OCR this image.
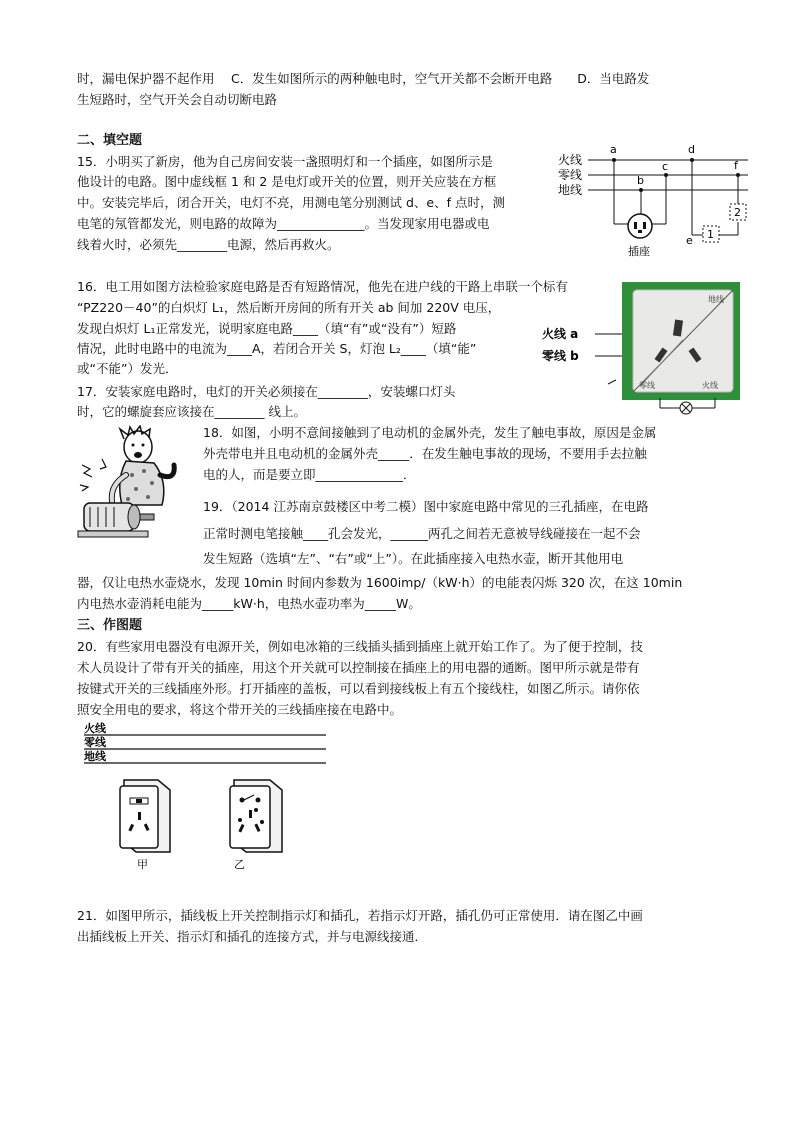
时，漏电保护器不起作用　 C．发生如图所示的两种触电时，空气开关都不会断开电路　　D．当电路发
生短路时，空气开关会自动切断电路
二、填空题
15．小明买了新房，他为自己房间安装一盏照明灯和一个插座，如图所示是
他设计的电路。图中虚线框 1 和 2 是电灯或开关的位置，则开关应装在方框
中。安装完毕后，闭合开关，电灯不亮，用测电笔分别测试 d、e、f 点时，测
电笔的氖管都发光，则电路的故障为______________。当发现家用电器或电
线着火时，必须先________电源，然后再救火。
火线
零线
地线
a
c
b
插座
d
e 1
f
2
16．电工用如图方法检验家庭电路是否有短路情况，他先在进户线的干路上串联一个标有
“PZ220－40”的白炽灯 L₁，然后断开房间的所有开关 ab 间加 220V 电压，
发现白炽灯 L₁正常发光，说明家庭电路____（填“有”或“没有”）短路
情况，此时电路中的电流为____A，若闭合开关 S，灯泡 L₂____（填“能”
或“不能”）发光．
地线
零线	火线
火线 a
零线 b
17．安装家庭电路时，电灯的开关必须接在________，安装螺口灯头
时，它的螺旋套应该接在________ 线上。
18．如图，小明不意间接触到了电动机的金属外壳，发生了触电事故，原因是金属
外壳带电并且电动机的金属外壳_____．在发生触电事故的现场，不要用手去拉触
电的人，而是要立即______________．
19．（2014 江苏南京鼓楼区中考二模）图中家庭电路中常见的三孔插座，在电路
正常时测电笔接触____孔会发光，______两孔之间若无意被导线碰接在一起不会
发生短路（选填“左”、“右”或“上”）。在此插座接入电热水壶，断开其他用电
器，仅让电热水壶烧水，发现 10min 时间内参数为 1600imp/（kW·h）的电能表闪烁 320 次，在这 10min
内电热水壶消耗电能为_____kW·h，电热水壶功率为_____W。
三、作图题
20．有些家用电器没有电源开关，例如电冰箱的三线插头插到插座上就开始工作了。为了便于控制，技
术人员设计了带有开关的插座，用这个开关就可以控制接在插座上的用电器的通断。图甲所示就是带有
按键式开关的三线插座外形。打开插座的盖板，可以看到接线板上有五个接线柱，如图乙所示。请你依
照安全用电的要求，将这个带开关的三线插座接在电路中。
火线
零线
地线
甲	乙
21．如图甲所示，插线板上开关控制指示灯和插孔，若指示灯开路，插孔仍可正常使用．请在图乙中画
出插线板上开关、指示灯和插孔的连接方式，并与电源线接通．
